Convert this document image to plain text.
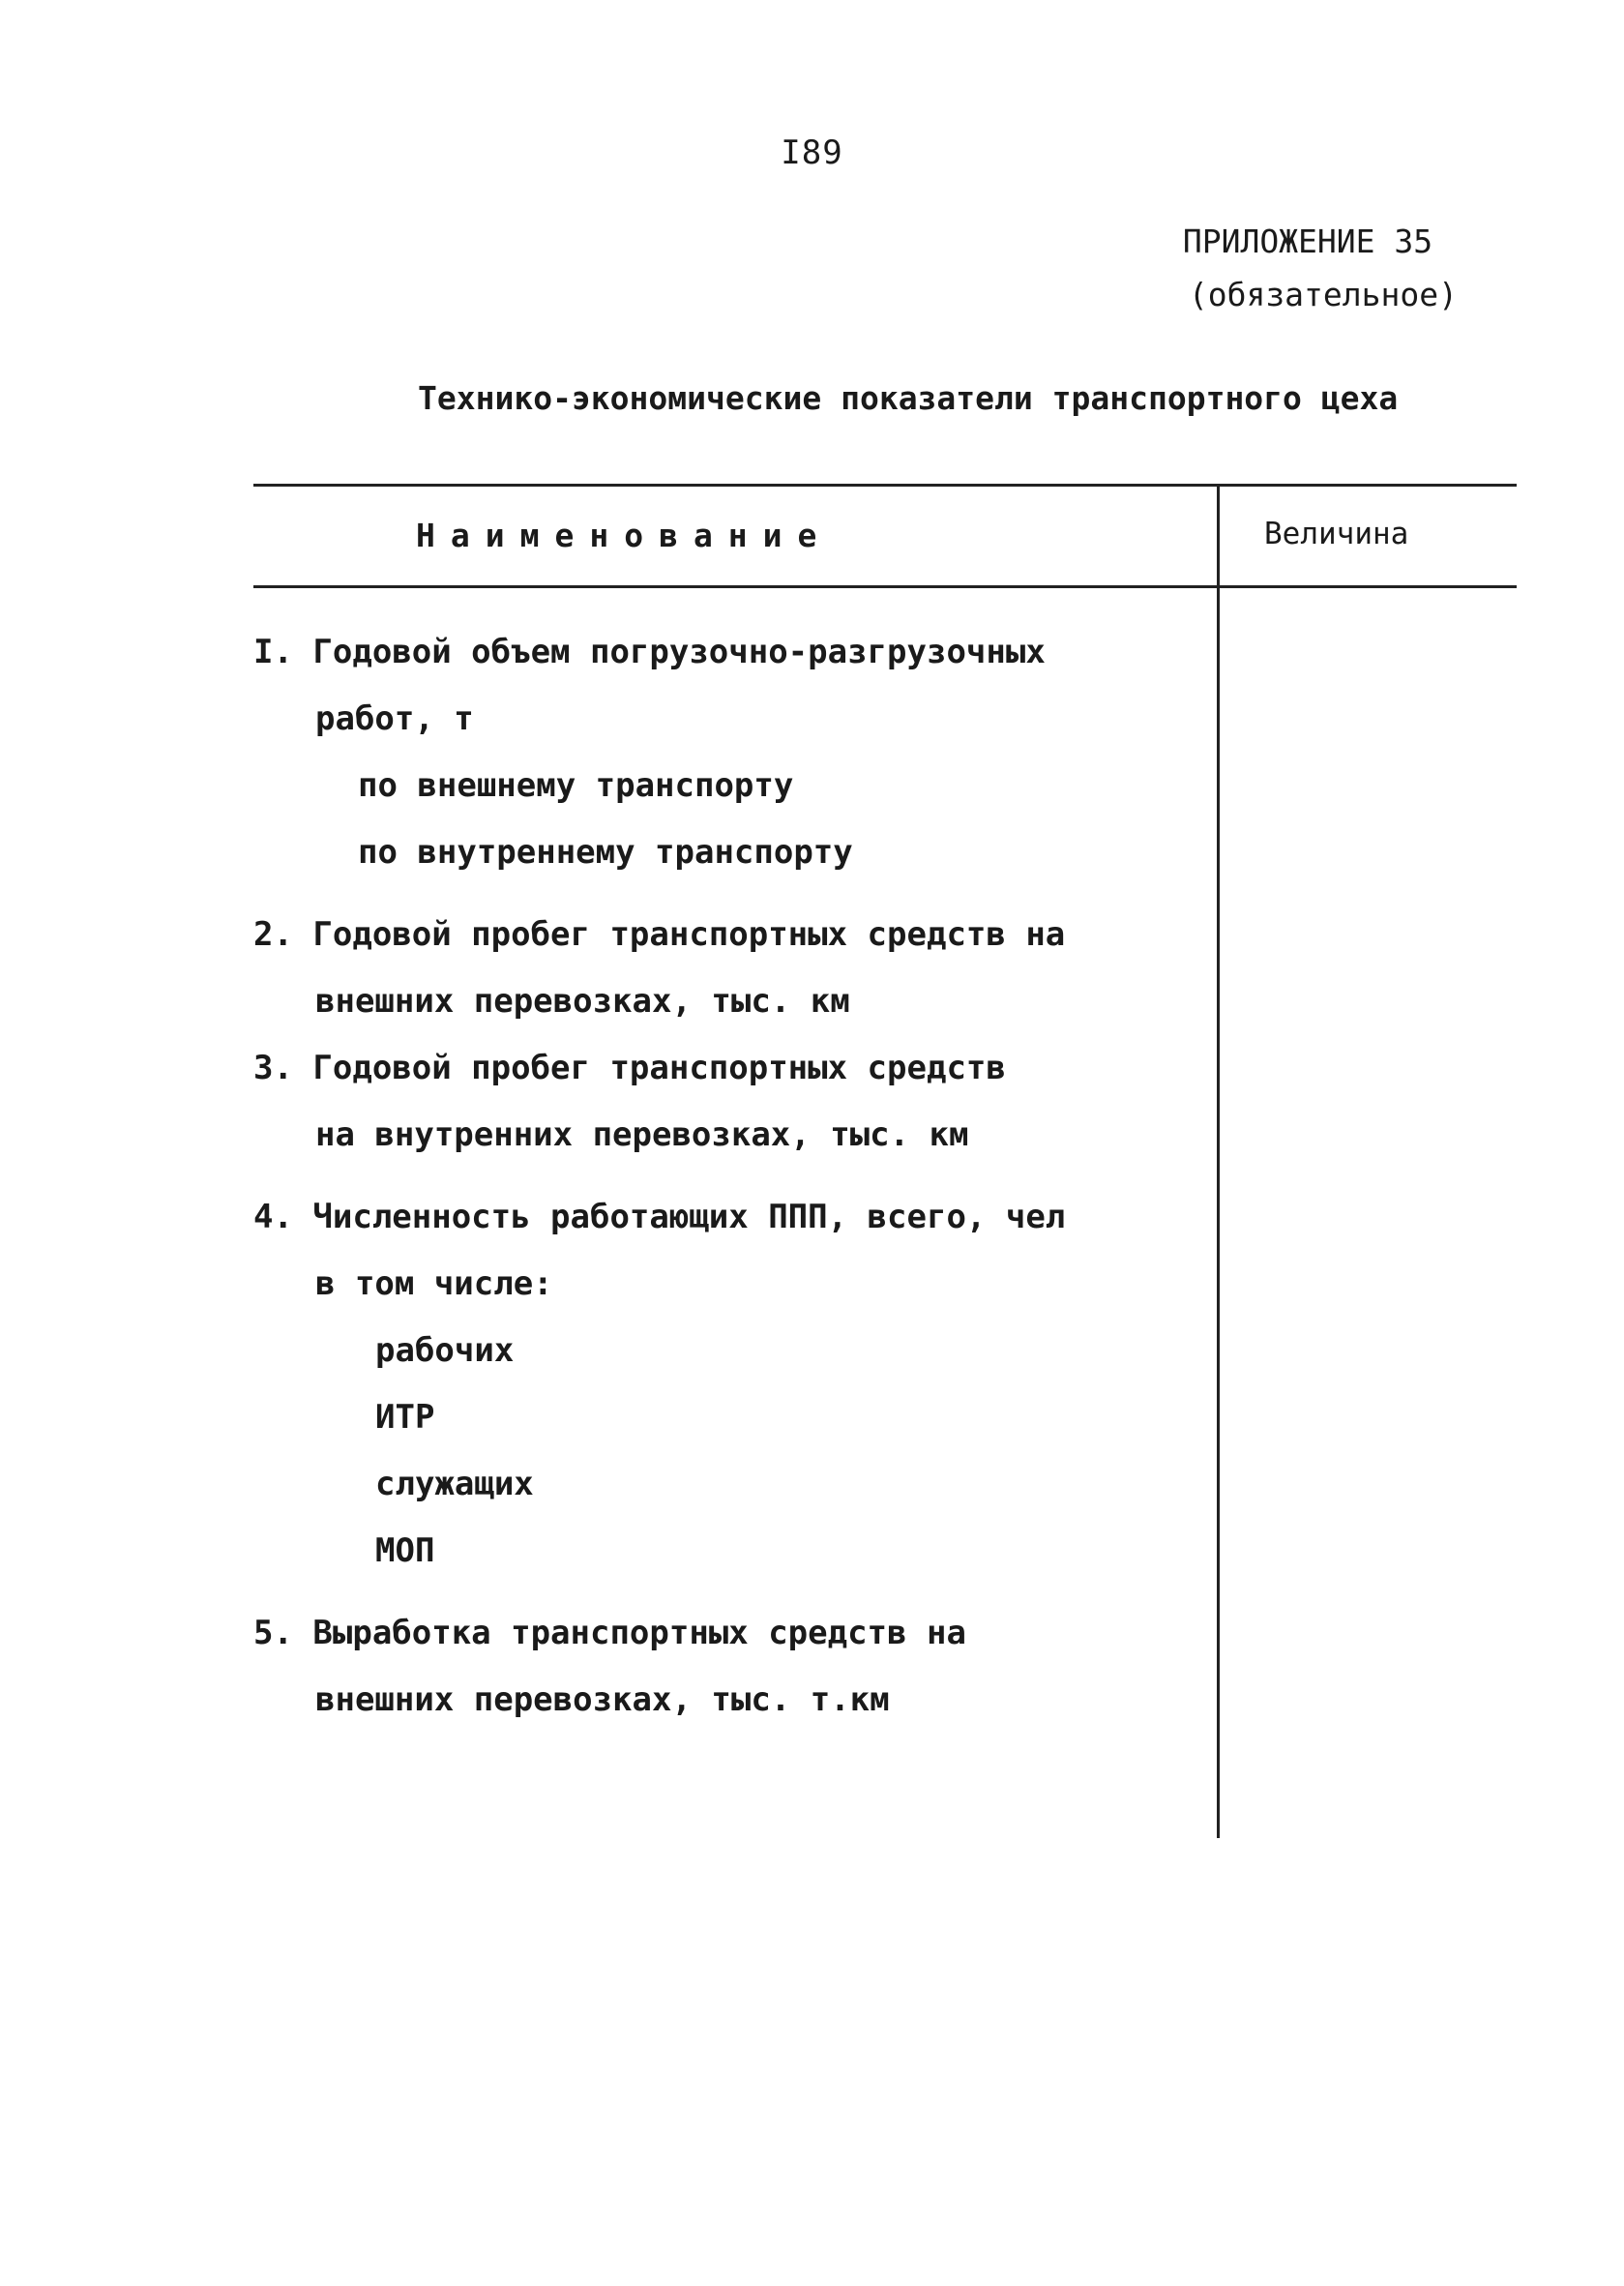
I89
ПРИЛОЖЕНИЕ 35

(обязательное)
Технико-экономические показатели транспортного цеха
Наименование	Величина
I. Годовой объем погрузочно-разгрузочных
работ, т
по внешнему транспорту
по внутреннему транспорту
2. Годовой пробег транспортных средств на
внешних перевозках, тыс. км
3. Годовой пробег транспортных средств
на внутренних перевозках, тыс. км
4. Численность работающих ППП, всего, чел
в том числе:
рабочих
ИТР
служащих
МОП
5. Выработка транспортных средств на
внешних перевозках, тыс. т.км
